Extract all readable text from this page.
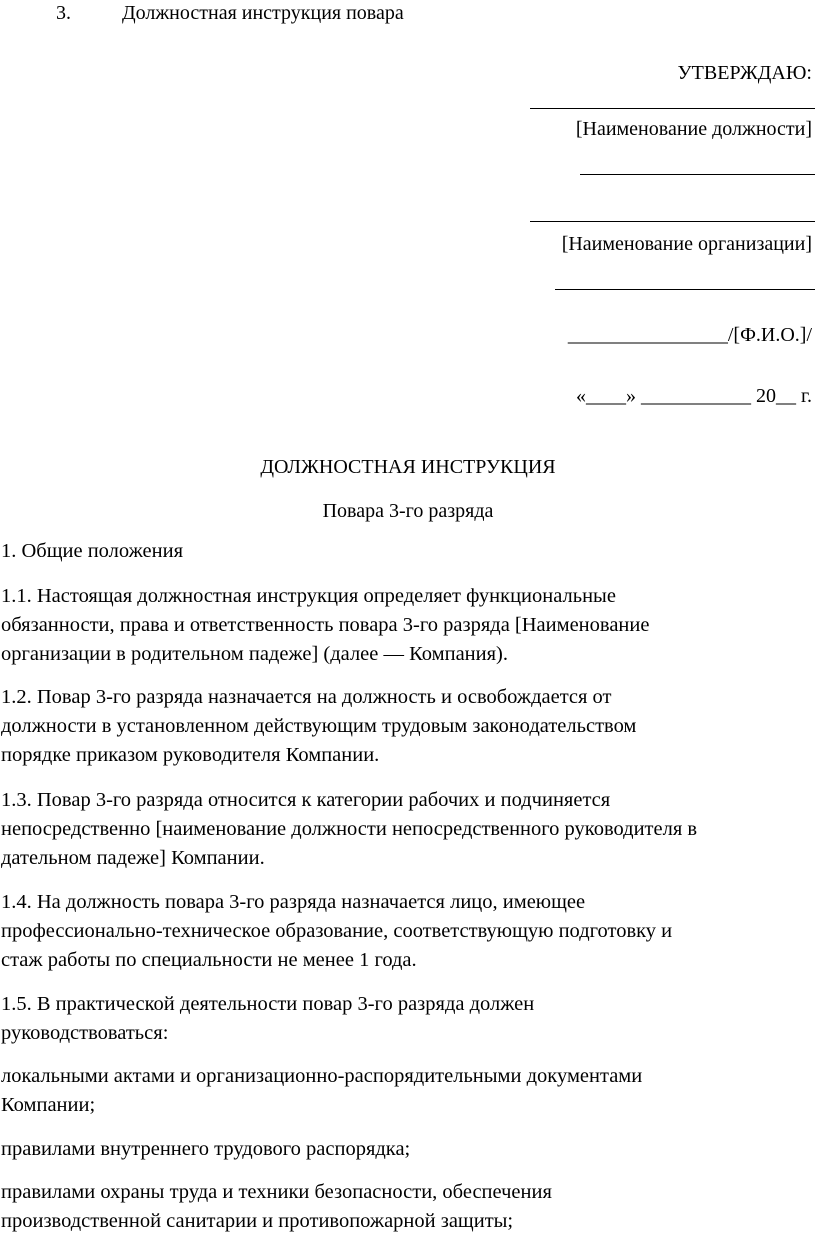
3.	Должностная инструкция повара
УТВЕРЖДАЮ:
[Наименование должности]
[Наименование организации]
________________/[Ф.И.О.]/
«____» ___________ 20__ г.
ДОЛЖНОСТНАЯ ИНСТРУКЦИЯ
Повара 3-го разряда
1. Общие положения
1.1. Настоящая должностная инструкция определяет функциональные
обязанности, права и ответственность повара 3-го разряда [Наименование
организации в родительном падеже] (далее — Компания).
1.2. Повар 3-го разряда назначается на должность и освобождается от
должности в установленном действующим трудовым законодательством
порядке приказом руководителя Компании.
1.3. Повар 3-го разряда относится к категории рабочих и подчиняется
непосредственно [наименование должности непосредственного руководителя в
дательном падеже] Компании.
1.4. На должность повара 3-го разряда назначается лицо, имеющее
профессионально-техническое образование, соответствующую подготовку и
стаж работы по специальности не менее 1 года.
1.5. В практической деятельности повар 3-го разряда должен
руководствоваться:
локальными актами и организационно-распорядительными документами
Компании;
правилами внутреннего трудового распорядка;
правилами охраны труда и техники безопасности, обеспечения
производственной санитарии и противопожарной защиты;
